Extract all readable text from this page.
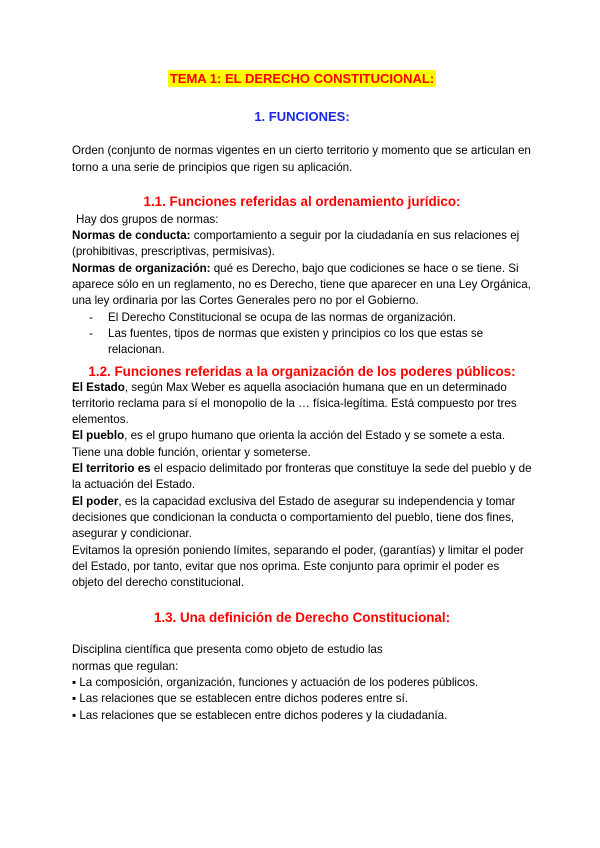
TEMA 1: EL DERECHO CONSTITUCIONAL:
1. FUNCIONES:

Orden (conjunto de normas vigentes en un cierto territorio y momento que se articulan en torno a una serie de principios que rigen su aplicación.

1.1. Funciones referidas al ordenamiento jurídico:

Hay dos grupos de normas:

Normas de conducta: comportamiento a seguir por la ciudadanía en sus relaciones ej (prohibitivas, prescriptivas, permisivas).

Normas de organización: qué es Derecho, bajo que codiciones se hace o se tiene. Si aparece sólo en un reglamento, no es Derecho, tiene que aparecer en una Ley Orgánica, una ley ordinaria por las Cortes Generales pero no por el Gobierno.

- El Derecho Constitucional se ocupa de las normas de organización.
- Las fuentes, tipos de normas que existen y principios co los que estas se relacionan.
1.2. Funciones referidas a la organización de los poderes públicos:

El Estado, según Max Weber es aquella asociación humana que en un determinado territorio reclama para sí el monopolio de la … física-legítima. Está compuesto por tres elementos.

El pueblo, es el grupo humano que orienta la acción del Estado y se somete a esta. Tiene una doble función, orientar y someterse.

El territorio es el espacio delimitado por fronteras que constituye la sede del pueblo y de la actuación del Estado.

El poder, es la capacidad exclusiva del Estado de asegurar su independencia y tomar decisiones que condicionan la conducta o comportamiento del pueblo, tiene dos fines, asegurar y condicionar.

Evitamos la opresión poniendo límites, separando el poder, (garantías) y limitar el poder del Estado, por tanto, evitar que nos oprima. Este conjunto para oprimir el poder es objeto del derecho constitucional.

1.3. Una definición de Derecho Constitucional:

Disciplina científica que presenta como objeto de estudio las

normas que regulan:

▪ La composición, organización, funciones y actuación de los poderes públicos.

▪ Las relaciones que se establecen entre dichos poderes entre sí.

▪ Las relaciones que se establecen entre dichos poderes y la ciudadanía.
